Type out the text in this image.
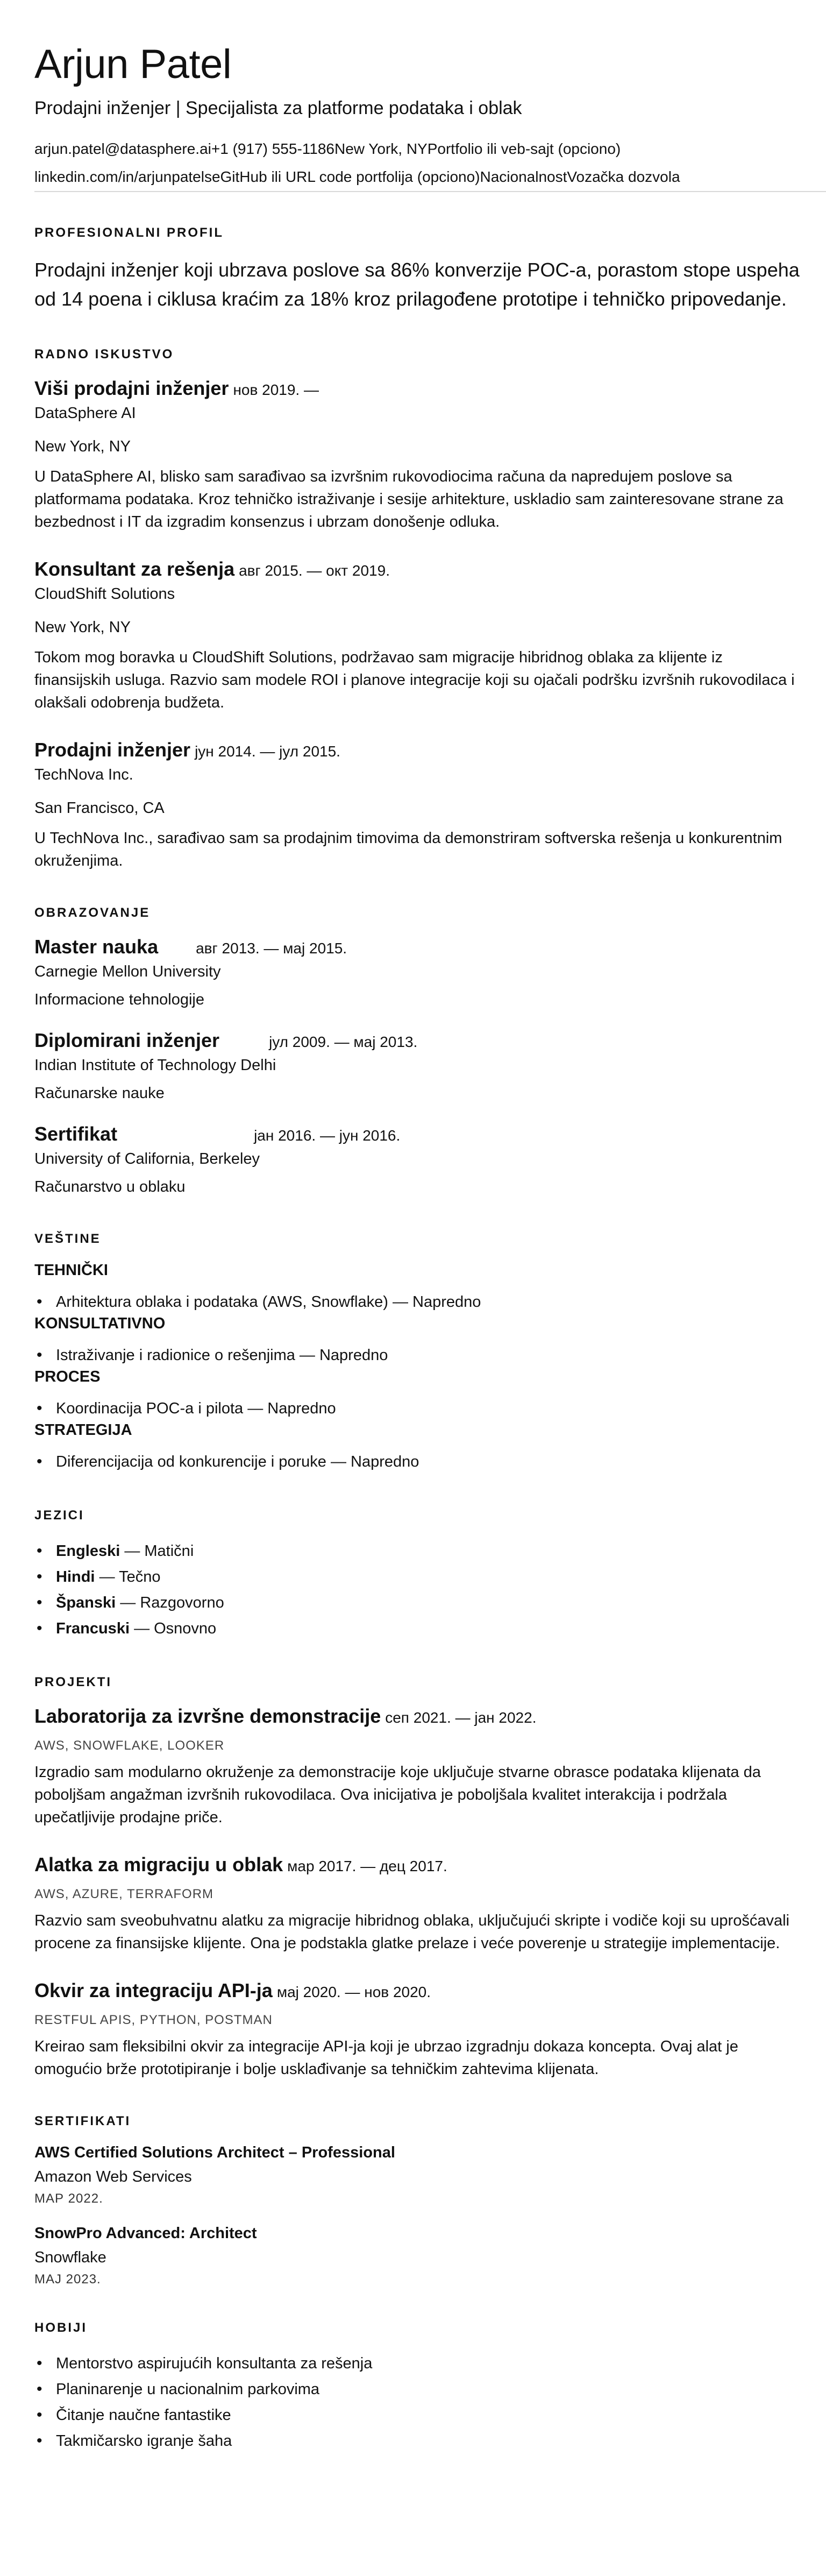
Arjun Patel
Prodajni inženjer | Specijalista za platforme podataka i oblak
arjun.patel@datasphere.ai +1 (917) 555-1186 New York, NY Portfolio ili veb-sajt (opciono)
linkedin.com/in/arjunpatelse GitHub ili URL code portfolija (opciono) Nacionalnost Vozačka dozvola
PROFESIONALNI PROFIL

Prodajni inženjer koji ubrzava poslove sa 86% konverzije POC-a, porastom stope uspeha od 14 poena i ciklusa kraćim za 18% kroz prilagođene prototipe i tehničko pripovedanje.

RADNO ISKUSTVO
Viši prodajni inženjer нов 2019. —
DataSphere AI
New York, NY

U DataSphere AI, blisko sam sarađivao sa izvršnim rukovodiocima računa da napredujem poslove sa platformama podataka. Kroz tehničko istraživanje i sesije arhitekture, uskladio sam zainteresovane strane za bezbednost i IT da izgradim konsenzus i ubrzam donošenje odluka.

Konsultant za rešenja авг 2015. — окт 2019.
CloudShift Solutions
New York, NY

Tokom mog boravka u CloudShift Solutions, podržavao sam migracije hibridnog oblaka za klijente iz finansijskih usluga. Razvio sam modele ROI i planove integracije koji su ojačali podršku izvršnih rukovodilaca i olakšali odobrenja budžeta.

Prodajni inženjer јун 2014. — јул 2015.
TechNova Inc.
San Francisco, CA

U TechNova Inc., sarađivao sam sa prodajnim timovima da demonstriram softverska rešenja u konkurentnim okruženjima.

OBRAZOVANJE
Master nauka	авг 2013. — мај 2015.
Carnegie Mellon University
Informacione tehnologije
Diplomirani inženjer	јул 2009. — мај 2013.
Indian Institute of Technology Delhi
Računarske nauke
Sertifikat	јан 2016. — јун 2016.
University of California, Berkeley
Računarstvo u oblaku
VEŠTINE
TEHNIČKI
• Arhitektura oblaka i podataka (AWS, Snowflake) — Napredno
KONSULTATIVNO
• Istraživanje i radionice o rešenjima — Napredno
PROCES
• Koordinacija POC-a i pilota — Napredno
STRATEGIJA
• Diferencijacija od konkurencije i poruke — Napredno
JEZICI
• Engleski — Matični
• Hindi — Tečno
• Španski — Razgovorno
• Francuski — Osnovno
PROJEKTI
Laboratorija za izvršne demonstracije сеп 2021. — јан 2022.
AWS, SNOWFLAKE, LOOKER

Izgradio sam modularno okruženje za demonstracije koje uključuje stvarne obrasce podataka klijenata da poboljšam angažman izvršnih rukovodilaca. Ova inicijativa je poboljšala kvalitet interakcija i podržala upečatljivije prodajne priče.

Alatka za migraciju u oblak мар 2017. — дец 2017.
AWS, AZURE, TERRAFORM

Razvio sam sveobuhvatnu alatku za migracije hibridnog oblaka, uključujući skripte i vodiče koji su uprošćavali procene za finansijske klijente. Ona je podstakla glatke prelaze i veće poverenje u strategije implementacije.

Okvir za integraciju API-ja мај 2020. — нов 2020.
RESTFUL APIS, PYTHON, POSTMAN

Kreirao sam fleksibilni okvir za integracije API-ja koji je ubrzao izgradnju dokaza koncepta. Ovaj alat je omogućio brže prototipiranje i bolje usklađivanje sa tehničkim zahtevima klijenata.

SERTIFIKATI
AWS Certified Solutions Architect – Professional
Amazon Web Services
МАР 2022.
SnowPro Advanced: Architect
Snowflake
МАЈ 2023.
HOBIJI
• Mentorstvo aspirujućih konsultanta za rešenja
• Planinarenje u nacionalnim parkovima
• Čitanje naučne fantastike
• Takmičarsko igranje šaha
